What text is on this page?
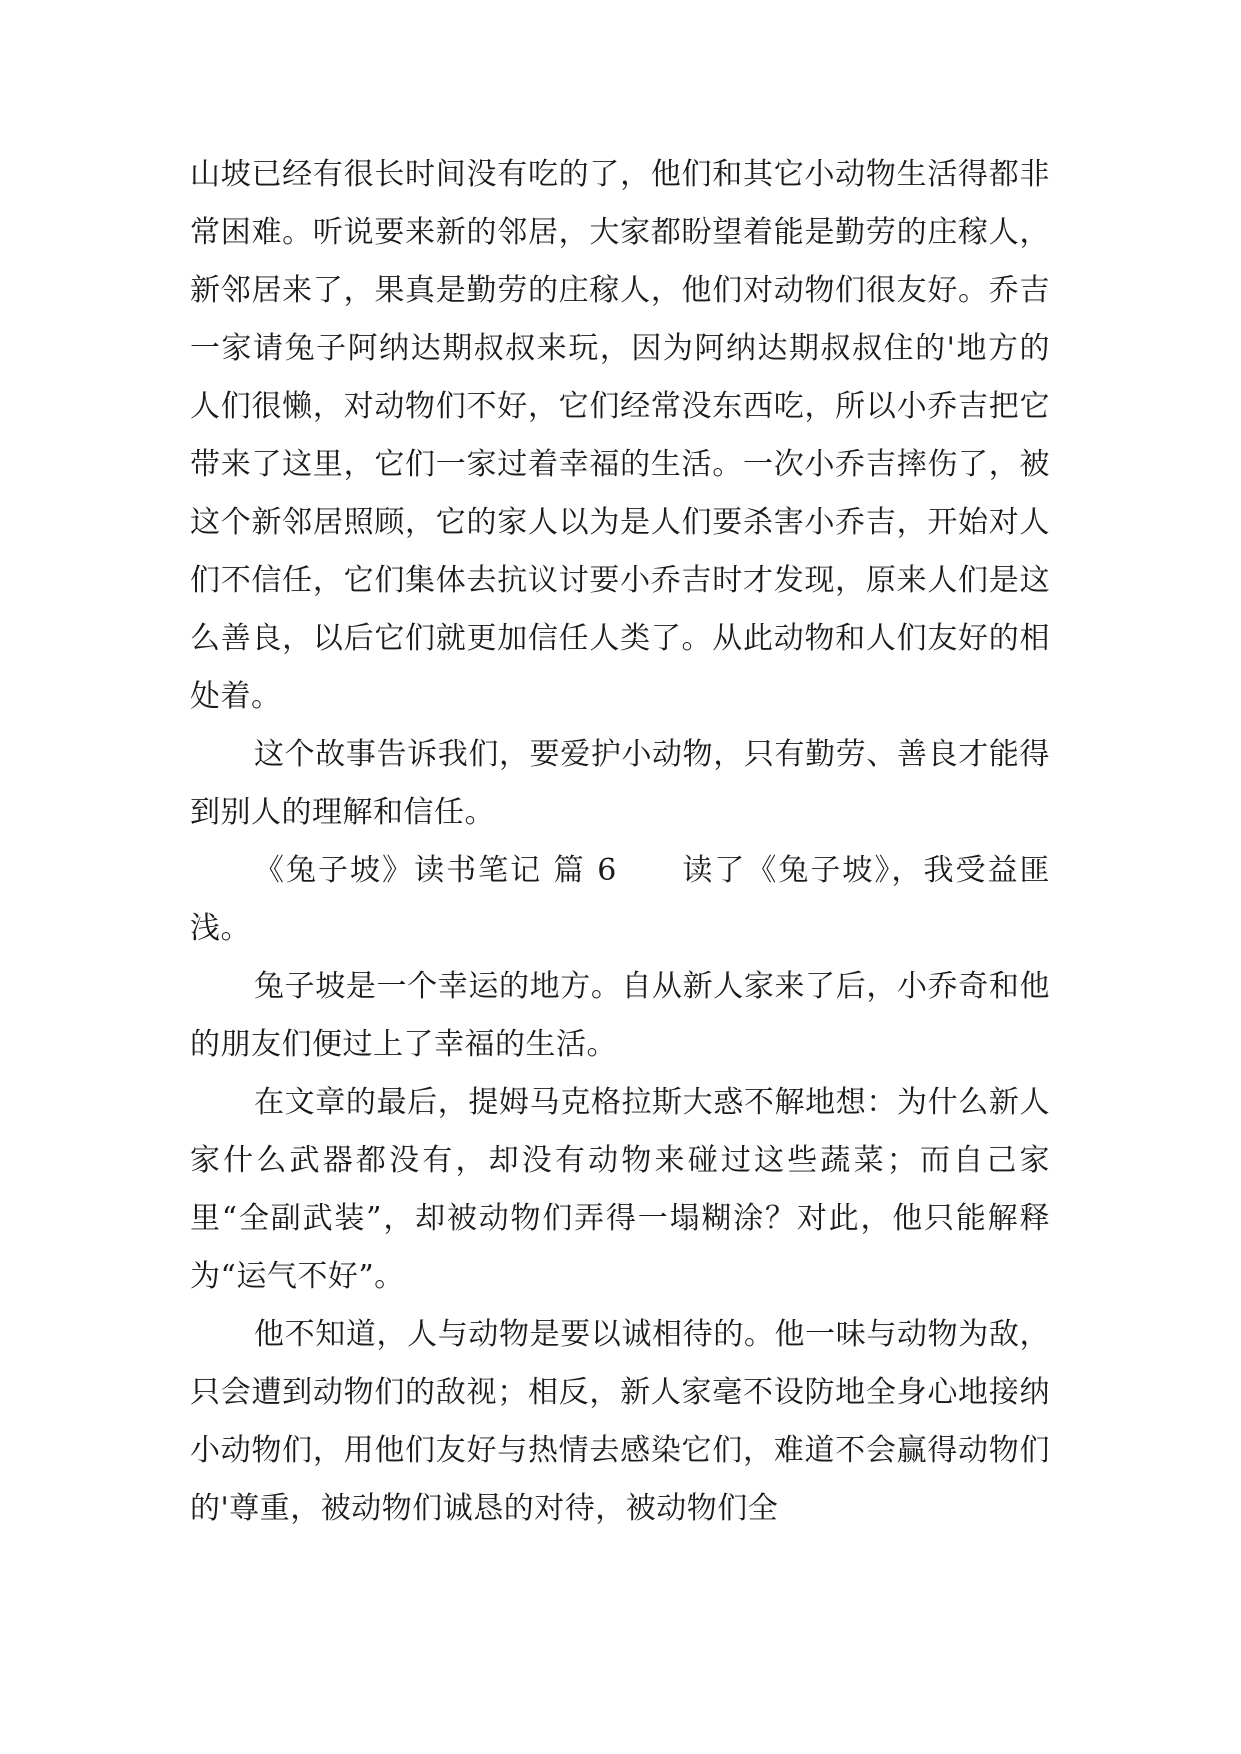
山坡已经有很长时间没有吃的了，他们和其它小动物生活得都非常困难。听说要来新的邻居，大家都盼望着能是勤劳的庄稼人，新邻居来了，果真是勤劳的庄稼人，他们对动物们很友好。乔吉一家请兔子阿纳达期叔叔来玩，因为阿纳达期叔叔住的'地方的人们很懒，对动物们不好，它们经常没东西吃，所以小乔吉把它带来了这里，它们一家过着幸福的生活。一次小乔吉摔伤了，被这个新邻居照顾，它的家人以为是人们要杀害小乔吉，开始对人们不信任，它们集体去抗议讨要小乔吉时才发现，原来人们是这么善良，以后它们就更加信任人类了。从此动物和人们友好的相处着。

这个故事告诉我们，要爱护小动物，只有勤劳、善良才能得到别人的理解和信任。

《兔子坡》读书笔记 篇 6 读了《兔子坡》，我受益匪浅。

兔子坡是一个幸运的地方。自从新人家来了后，小乔奇和他的朋友们便过上了幸福的生活。

在文章的最后，提姆马克格拉斯大惑不解地想：为什么新人家什么武器都没有，却没有动物来碰过这些蔬菜；而自己家里“全副武装”，却被动物们弄得一塌糊涂？对此，他只能解释为“运气不好”。

他不知道，人与动物是要以诚相待的。他一味与动物为敌，只会遭到动物们的敌视；相反，新人家毫不设防地全身心地接纳小动物们，用他们友好与热情去感染它们，难道不会赢得动物们的'尊重，被动物们诚恳的对待，被动物们全
